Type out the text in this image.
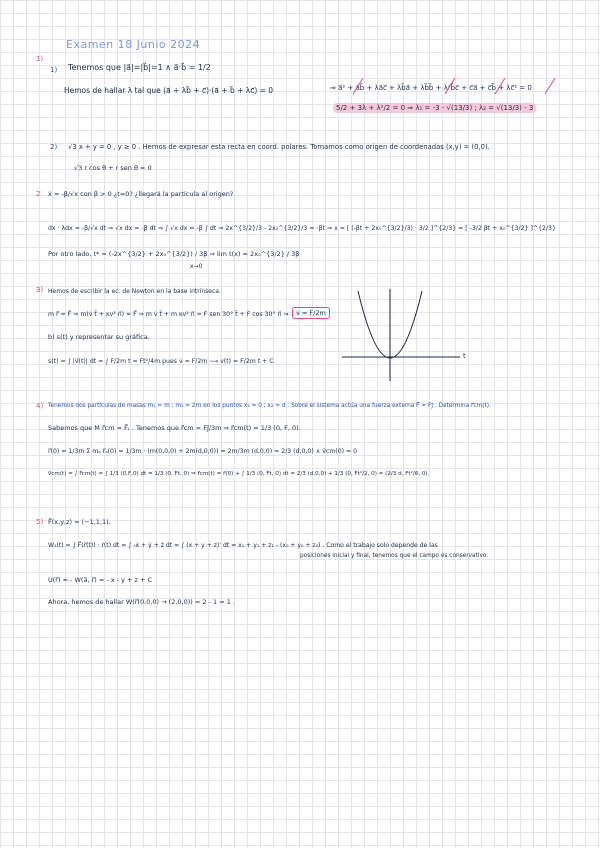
Examen 18 Junio 2024
1)
1) Tenemos que |a⃗|=|b⃗|=1 ∧ a⃗·b⃗ = 1/2
Hemos de hallar λ tal que (a⃗ + λb⃗ + c⃗)·(a⃗ + b⃗ + λc⃗) = 0	⇒ a⃗² + a⃗b⃗ + λa⃗c⃗ + λb⃗a⃗ + λb⃗b⃗ + λ²b⃗c⃗ + c⃗a⃗ + c⃗b⃗ + λc⃗² = 0
5/2 + 3λ + λ²/2 = 0 ⇒ λ₁ = -3 - √(13/3) ; λ₂ = √(13/3) - 3
2) √3 x + y = 0 , y ≥ 0 . Hemos de expresar esta recta en coord. polares. Tomamos como origen de coordenadas (x,y) = (0,0).
√3 r cos θ + r sen θ = 0
2. ẋ = -β/√x con β > 0 ¿t=0? ¿llegará la partícula al origen?
dx · λdx = -β/√x dt ⇒ √x dx = -β dt ⇒ ∫ √x dx = -β ∫ dt ⇒ 2x^{3/2}/3 - 2x₀^{3/2}/3 = -βt ⇒ x = [ (-βt + 2x₀^{3/2}/3) · 3/2 ]^{2/3} = [ -3/2 βt + x₀^{3/2} ]^{2/3}
Por otro lado, t* = (-2x^{3/2} + 2x₀^{3/2}) / 3β ⇒ lim t(x) = 2x₀^{3/2} / 3β
x→0
3) Hemos de escribir la ec. de Newton en la base intrínseca.
m r⃗̈ = F⃗ ⇒ m(v̇ t⃗ + κv² n⃗) = F⃗ ⇒ m v̇ t⃗ + m κv² n⃗ = F sen 30° t⃗ + F cos 30° n⃗ ⇒	v̇ = F/2m
b) s(t) y representar su gráfica.
s(t) = ∫ |v⃗(t)| dt = ∫ F/2m t = Ft²/4m pues v̇ = F/2m ⟶ v(t) = F/2m t + C
t
4) Tenemos dos partículas de masas m₁ = m ; m₂ = 2m en los puntos x₁ = 0 ; x₂ = d . Sobre el sistema actúa una fuerza externa F⃗ = Fȷ⃗ . Determina r⃗cm(t).
Sabemos que M r⃗̈cm = F⃗ₜ . Tenemos que r⃗̈cm = Fȷ⃗/3m ⇒ r⃗̈cm(t) = 1/3 (0, F, 0).
r⃗(0) = 1/3m Σ mₐ r⃗ₐ(0) = 1/3m · (m(0,0,0) + 2m(d,0,0)) = 2m/3m (d,0,0) = 2/3 (d,0,0) ∧ v⃗cm(0) = 0
v⃗cm(t) = ∫ r⃗̈cm(t) = ∫ 1/3 (0,F,0) dt = 1/3 (0, Ft, 0) ⇒ r⃗cm(t) = r⃗(0) + ∫ 1/3 (0, Ft, 0) dt = 2/3 (d,0,0) + 1/3 (0, Ft²/2, 0) = (2/3 d, Ft²/6, 0).
5) F⃗(x,y,z) = (−1,1,1).
W₁(t) = ∫ F⃗(r⃗(t)) · ṙ(t) dt = ∫ -ẋ + ẏ + ż dt = ∫ (x + y + z)' dt = x₁ + y₁ + z₁ - (x₀ + y₀ + z₀) . Como el trabajo solo depende de las
posiciones inicial y final, tenemos que el campo es conservativo.
U(r⃗) = - W(a⃗, r⃗) = - x - y + z + C
Ahora, hemos de hallar W(r⃗(0,0,0) → (2,0,0)) = 2 - 1 = 1 .
